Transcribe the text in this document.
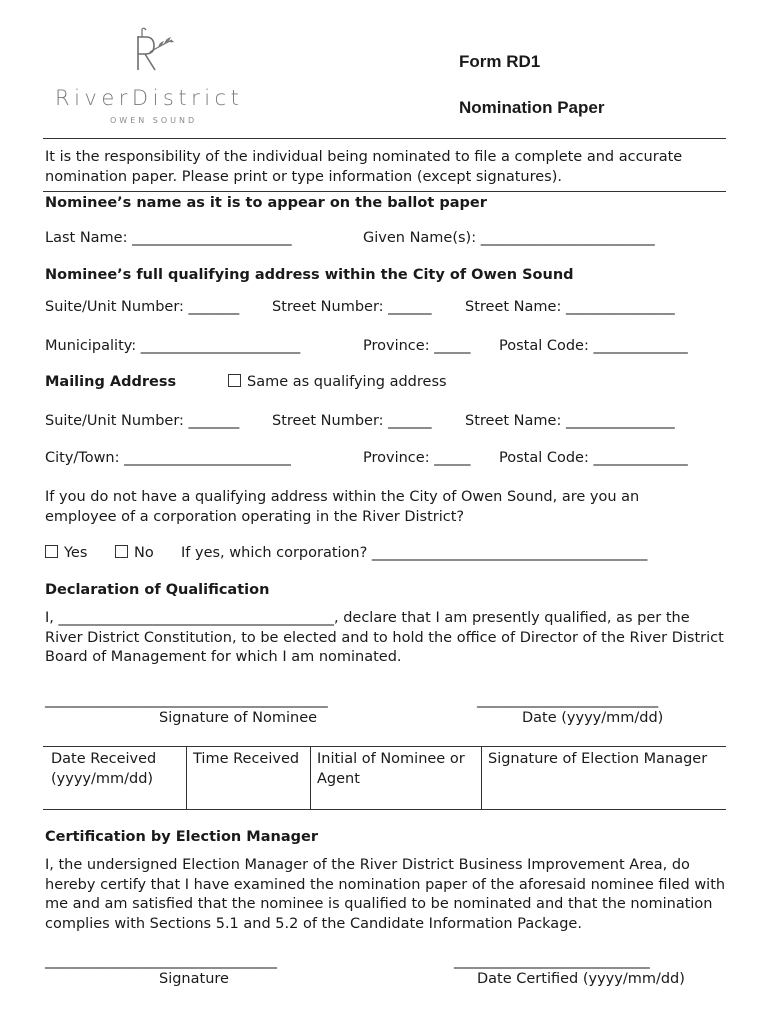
RiverDistrict
OWEN SOUND
Form RD1
Nomination Paper
It is the responsibility of the individual being nominated to file a complete and accurate nomination paper. Please print or type information (except signatures).
Nominee’s name as it is to appear on the ballot paper
Last Name: ______________________	Given Name(s): ________________________
Nominee’s full qualifying address within the City of Owen Sound
Suite/Unit Number: _______ Street Number: ______ Street Name: _______________
Municipality: ______________________	Province: _____ Postal Code: _____________
Mailing Address	Same as qualifying address
Suite/Unit Number: _______ Street Number: ______ Street Name: _______________
City/Town: _______________________	Province: _____ Postal Code: _____________
If you do not have a qualifying address within the City of Owen Sound, are you an employee of a corporation operating in the River District?
Yes	No If yes, which corporation? ______________________________________
Declaration of Qualification
I, ______________________________________, declare that I am presently qualified, as per the River District Constitution, to be elected and to hold the office of Director of the River District Board of Management for which I am nominated.
_______________________________________	_________________________
Signature of Nominee	Date (yyyy/mm/dd)
Date Received (yyyy/mm/dd)	Time Received	Initial of Nominee or Agent	Signature of Election Manager
Certification by Election Manager
I, the undersigned Election Manager of the River District Business Improvement Area, do hereby certify that I have examined the nomination paper of the aforesaid nominee filed with me and am satisfied that the nominee is qualified to be nominated and that the nomination complies with Sections 5.1 and 5.2 of the Candidate Information Package.
________________________________	___________________________
Signature	Date Certified (yyyy/mm/dd)
